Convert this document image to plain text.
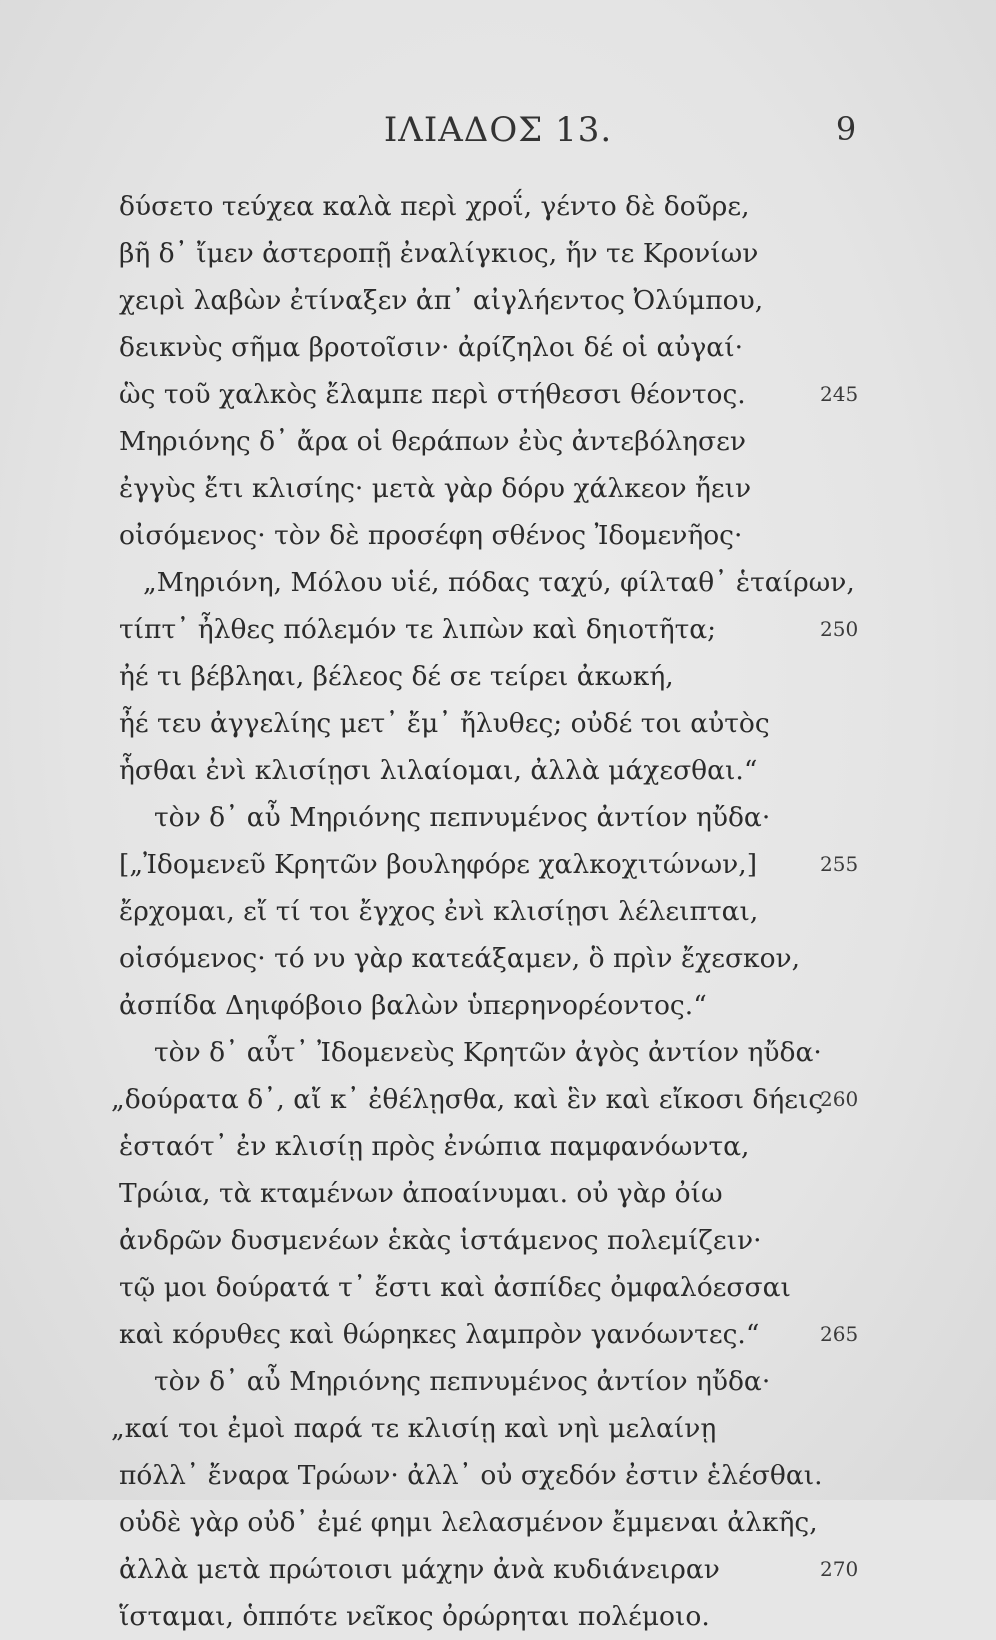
ΙΛΙΑΔΟΣ 13.	9
δύσετο τεύχεα καλὰ περὶ χροΐ, γέντο δὲ δοῦρε,
βῆ δ᾿ ἴμεν ἀστεροπῇ ἐναλίγκιος, ἥν τε Κρονίων
χειρὶ λαβὼν ἐτίναξεν ἀπ᾿ αἰγλήεντος Ὀλύμπου,
δεικνὺς σῆμα βροτοῖσιν· ἀρίζηλοι δέ οἱ αὐγαί·
ὣς τοῦ χαλκὸς ἔλαμπε περὶ στήθεσσι θέοντος.	245
Μηριόνης δ᾿ ἄρα οἱ θεράπων ἐὺς ἀντεβόλησεν
ἐγγὺς ἔτι κλισίης· μετὰ γὰρ δόρυ χάλκεον ἤειν
οἰσόμενος· τὸν δὲ προσέφη σθένος Ἰδομενῆος·
„Μηριόνη, Μόλου υἱέ, πόδας ταχύ, φίλταθ᾿ ἑταίρων,
τίπτ᾿ ἦλθες πόλεμόν τε λιπὼν καὶ δηιοτῆτα;	250
ἠέ τι βέβληαι, βέλεος δέ σε τείρει ἀκωκή,
ἦέ τευ ἀγγελίης μετ᾿ ἔμ᾿ ἤλυθες; οὐδέ τοι αὐτὸς
ἧσθαι ἐνὶ κλισίῃσι λιλαίομαι, ἀλλὰ μάχεσθαι.“
τὸν δ᾿ αὖ Μηριόνης πεπνυμένος ἀντίον ηὔδα·
[„Ἰδομενεῦ Κρητῶν βουληφόρε χαλκοχιτώνων,]	255
ἔρχομαι, εἴ τί τοι ἔγχος ἐνὶ κλισίῃσι λέλειπται,
οἰσόμενος· τό νυ γὰρ κατεάξαμεν, ὃ πρὶν ἔχεσκον,
ἀσπίδα Δηιφόβοιο βαλὼν ὑπερηνορέοντος.“
τὸν δ᾿ αὖτ᾿ Ἰδομενεὺς Κρητῶν ἀγὸς ἀντίον ηὔδα·
„δούρατα δ᾿, αἴ κ᾿ ἐθέλῃσθα, καὶ ἓν καὶ εἴκοσι δήεις
260
ἑσταότ᾿ ἐν κλισίῃ πρὸς ἐνώπια παμφανόωντα,
Τρώια, τὰ κταμένων ἀποαίνυμαι. οὐ γὰρ ὀίω
ἀνδρῶν δυσμενέων ἑκὰς ἱστάμενος πολεμίζειν·
τῷ μοι δούρατά τ᾿ ἔστι καὶ ἀσπίδες ὀμφαλόεσσαι
καὶ κόρυθες καὶ θώρηκες λαμπρὸν γανόωντες.“	265
τὸν δ᾿ αὖ Μηριόνης πεπνυμένος ἀντίον ηὔδα·
„καί τοι ἐμοὶ παρά τε κλισίῃ καὶ νηὶ μελαίνῃ
πόλλ᾿ ἔναρα Τρώων· ἀλλ᾿ οὐ σχεδόν ἐστιν ἑλέσθαι.
οὐδὲ γὰρ οὐδ᾿ ἐμέ φημι λελασμένον ἔμμεναι ἀλκῆς,
ἀλλὰ μετὰ πρώτοισι μάχην ἀνὰ κυδιάνειραν	270
ἵσταμαι, ὁππότε νεῖκος ὀρώρηται πολέμοιο.
